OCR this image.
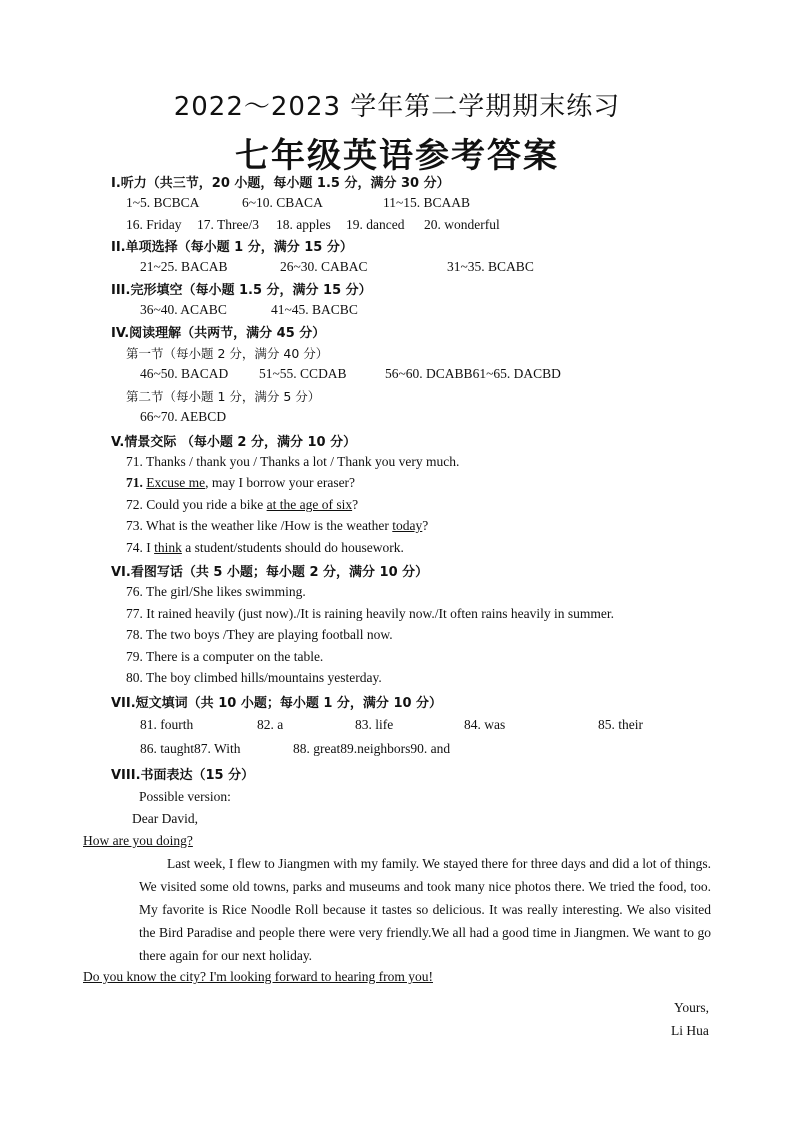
2022～2023 学年第二学期期末练习
七年级英语参考答案
I.听力（共三节，20 小题，每小题 1.5 分，满分 30 分）
1~5. BCBCA	6~10. CBACA	11~15. BCAAB
16. Friday 17. Three/3 18. apples 19. danced 20. wonderful
II.单项选择（每小题 1 分，满分 15 分）
21~25. BACAB	26~30. CABAC	31~35. BCABC
III.完形填空（每小题 1.5 分，满分 15 分）
36~40. ACABC	41~45. BACBC
IV.阅读理解（共两节，满分 45 分）
第一节（每小题 2 分，满分 40 分）
46~50. BACAD 51~55. CCDAB	56~60. DCABB61~65. DACBD
第二节（每小题 1 分，满分 5 分）
66~70. AEBCD
V.情景交际 （每小题 2 分，满分 10 分）
71. Thanks / thank you / Thanks a lot / Thank you very much.
71. Excuse me, may I borrow your eraser?
72. Could you ride a bike at the age of six?
73. What is the weather like /How is the weather today?
74. I think a student/students should do housework.
VI.看图写话（共 5 小题；每小题 2 分，满分 10 分）
76. The girl/She likes swimming.
77. It rained heavily (just now)./It is raining heavily now./It often rains heavily in summer.
78. The two boys /They are playing football now.
79. There is a computer on the table.
80. The boy climbed hills/mountains yesterday.
VII.短文填词（共 10 小题；每小题 1 分，满分 10 分）
81. fourth	82. a	83. life	84. was	85. their
86. taught87. With	88. great89.neighbors90. and
VIII.书面表达（15 分）
Possible version:
Dear David,
How are you doing?
Last week, I flew to Jiangmen with my family. We stayed there for three days and did a lot of things. We visited some old towns, parks and museums and took many nice photos there. We tried the food, too. My favorite is Rice Noodle Roll because it tastes so delicious. It was really interesting. We also visited the Bird Paradise and people there were very friendly.We all had a good time in Jiangmen. We want to go there again for our next holiday.
Do you know the city? I'm looking forward to hearing from you!
Yours,
Li Hua
